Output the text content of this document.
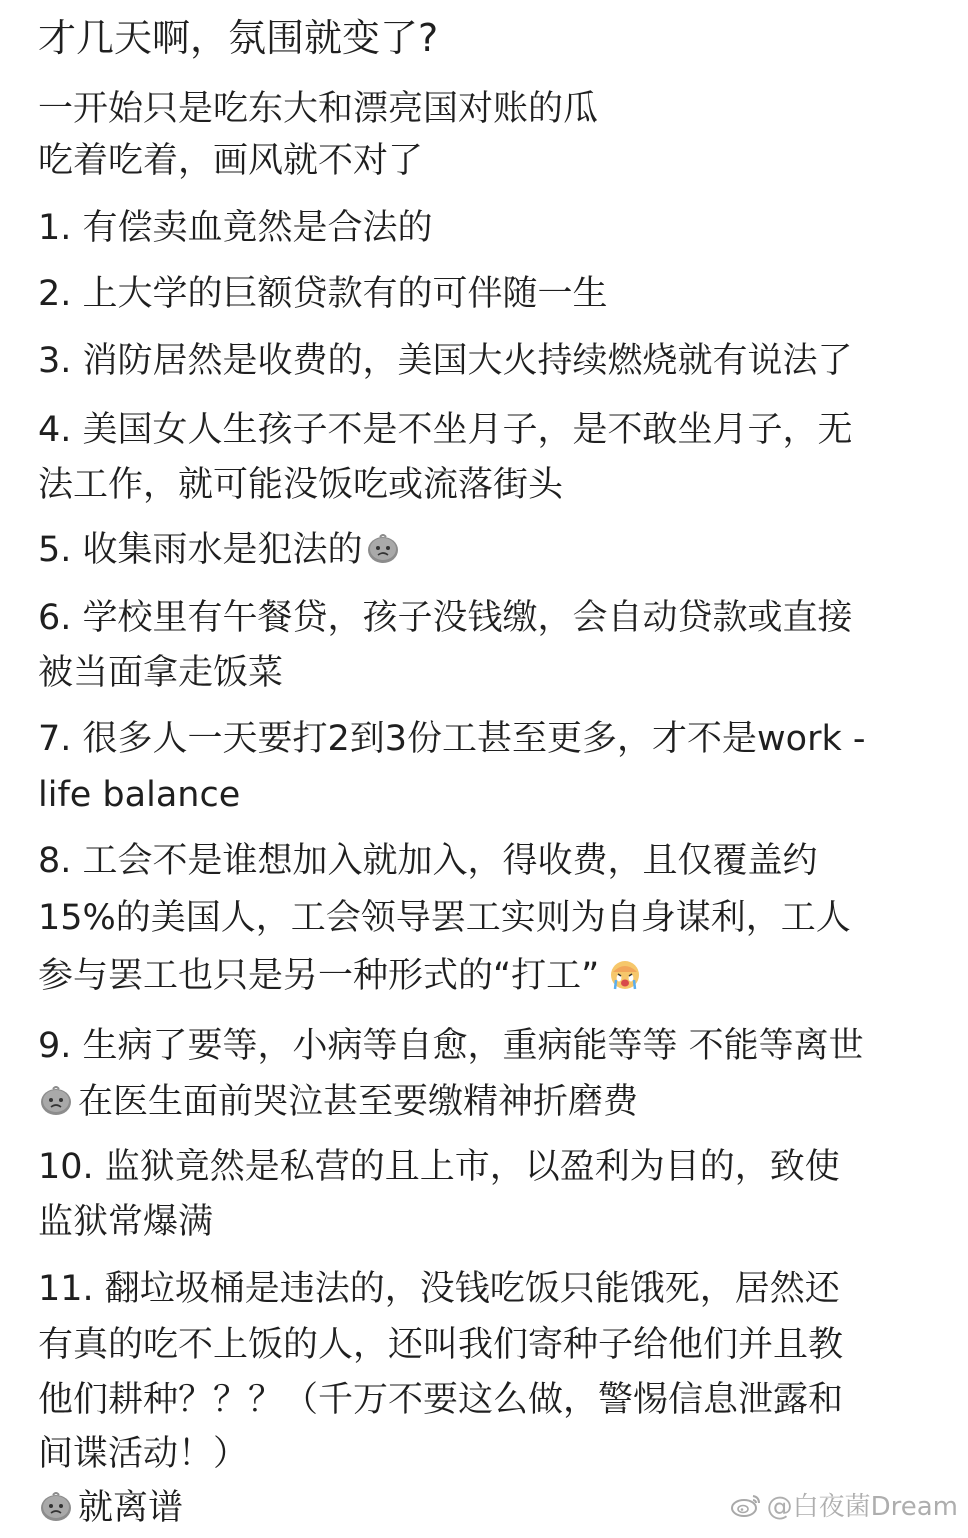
才几天啊，氛围就变了?
一开始只是吃东大和漂亮国对账的瓜
吃着吃着，画风就不对了
1. 有偿卖血竟然是合法的
2. 上大学的巨额贷款有的可伴随一生
3. 消防居然是收费的，美国大火持续燃烧就有说法了
4. 美国女人生孩子不是不坐月子，是不敢坐月子，无
法工作，就可能没饭吃或流落街头
5. 收集雨水是犯法的
6. 学校里有午餐贷，孩子没钱缴，会自动贷款或直接
被当面拿走饭菜
7. 很多人一天要打2到3份工甚至更多，才不是work -
life balance
8. 工会不是谁想加入就加入，得收费，且仅覆盖约
15%的美国人，工会领导罢工实则为自身谋利，工人
参与罢工也只是另一种形式的“打工”
9. 生病了要等，小病等自愈，重病能等等 不能等离世
在医生面前哭泣甚至要缴精神折磨费
10. 监狱竟然是私营的且上市，以盈利为目的，致使
监狱常爆满
11. 翻垃圾桶是违法的，没钱吃饭只能饿死，居然还
有真的吃不上饭的人，还叫我们寄种子给他们并且教
他们耕种？？？（千万不要这么做，警惕信息泄露和
间谍活动！）
就离谱	@白夜菌Dream
